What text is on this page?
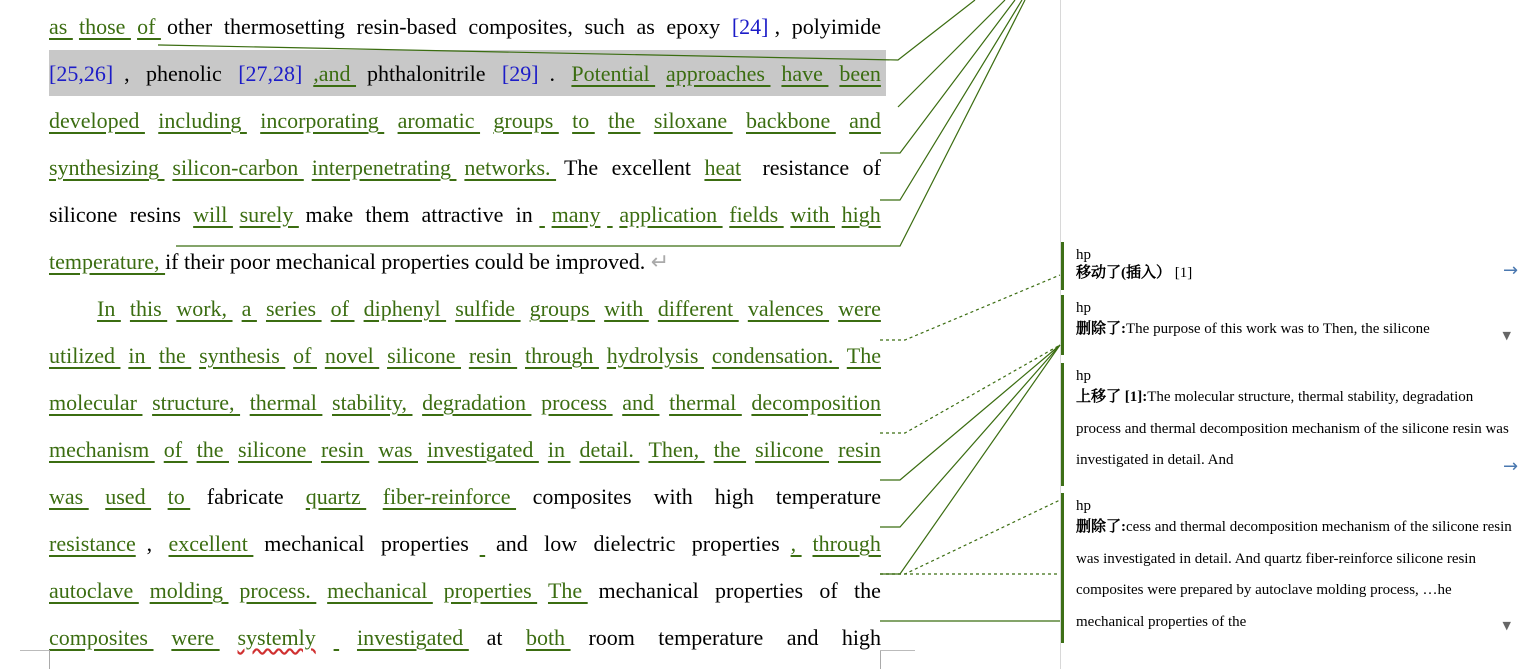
as those of other thermosetting resin-based composites, such as epoxy [24] , polyimide
[25,26] , phenolic [27,28] ,and phthalonitrile [29] . Potential approaches have been
developed including incorporating aromatic groups to the siloxane backbone and
synthesizing silicon-carbon interpenetrating networks. The excellent heat
resistance of
silicone resins will surely make them attractive in
many
application fields with high
temperature, if their poor mechanical properties could be improved. ↵
In this work, a series of diphenyl sulfide groups with different valences were
utilized in the synthesis of novel silicone resin through hydrolysis condensation. The
molecular structure, thermal stability, degradation process and thermal decomposition
mechanism of the silicone resin was investigated in detail. Then, the silicone resin
was used to fabricate quartz fiber-reinforce composites with high temperature
resistance , excellent mechanical properties
and low dielectric properties , through
autoclave molding process. mechanical properties The mechanical properties of the
composites were systemly
investigated at both room temperature and high
hp
移动了(插入） [1]	→
hp
删除了:The purpose of this work was to Then, the silicone	▼
hp
上移了 [1]:The molecular structure, thermal stability, degradation process and thermal decomposition mechanism of the silicone resin was investigated in detail. And	→
hp
删除了:cess and thermal decomposition mechanism of the silicone resin was investigated in detail. And quartz fiber-reinforce silicone resin composites were prepared by autoclave molding process, …he mechanical properties of the	▼
